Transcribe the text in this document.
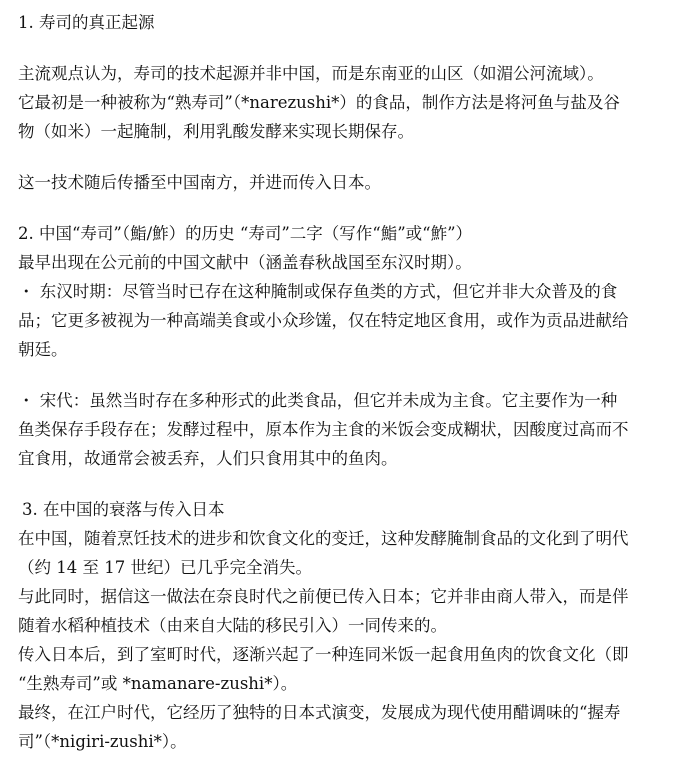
1. 寿司的真正起源
主流观点认为，寿司的技术起源并非中国，而是东南亚的山区（如湄公河流域）。
它最初是一种被称为“熟寿司”（*narezushi*）的食品，制作方法是将河鱼与盐及谷
物（如米）一起腌制，利用乳酸发酵来实现长期保存。
这一技术随后传播至中国南方，并进而传入日本。
2. 中国“寿司”（鮨/鮓）的历史 “寿司”二字（写作“鮨”或“鮓”）
最早出现在公元前的中国文献中（涵盖春秋战国至东汉时期）。
・ 东汉时期：尽管当时已存在这种腌制或保存鱼类的方式，但它并非大众普及的食
品；它更多被视为一种高端美食或小众珍馐，仅在特定地区食用，或作为贡品进献给
朝廷。
・ 宋代：虽然当时存在多种形式的此类食品，但它并未成为主食。它主要作为一种
鱼类保存手段存在；发酵过程中，原本作为主食的米饭会变成糊状，因酸度过高而不
宜食用，故通常会被丢弃，人们只食用其中的鱼肉。
3. 在中国的衰落与传入日本
在中国，随着烹饪技术的进步和饮食文化的变迁，这种发酵腌制食品的文化到了明代
（约 14 至 17 世纪）已几乎完全消失。
与此同时，据信这一做法在奈良时代之前便已传入日本；它并非由商人带入，而是伴
随着水稻种植技术（由来自大陆的移民引入）一同传来的。
传入日本后，到了室町时代，逐渐兴起了一种连同米饭一起食用鱼肉的饮食文化（即
“生熟寿司”或 *namanare-zushi*）。
最终，在江户时代，它经历了独特的日本式演变，发展成为现代使用醋调味的“握寿
司”（*nigiri-zushi*）。
